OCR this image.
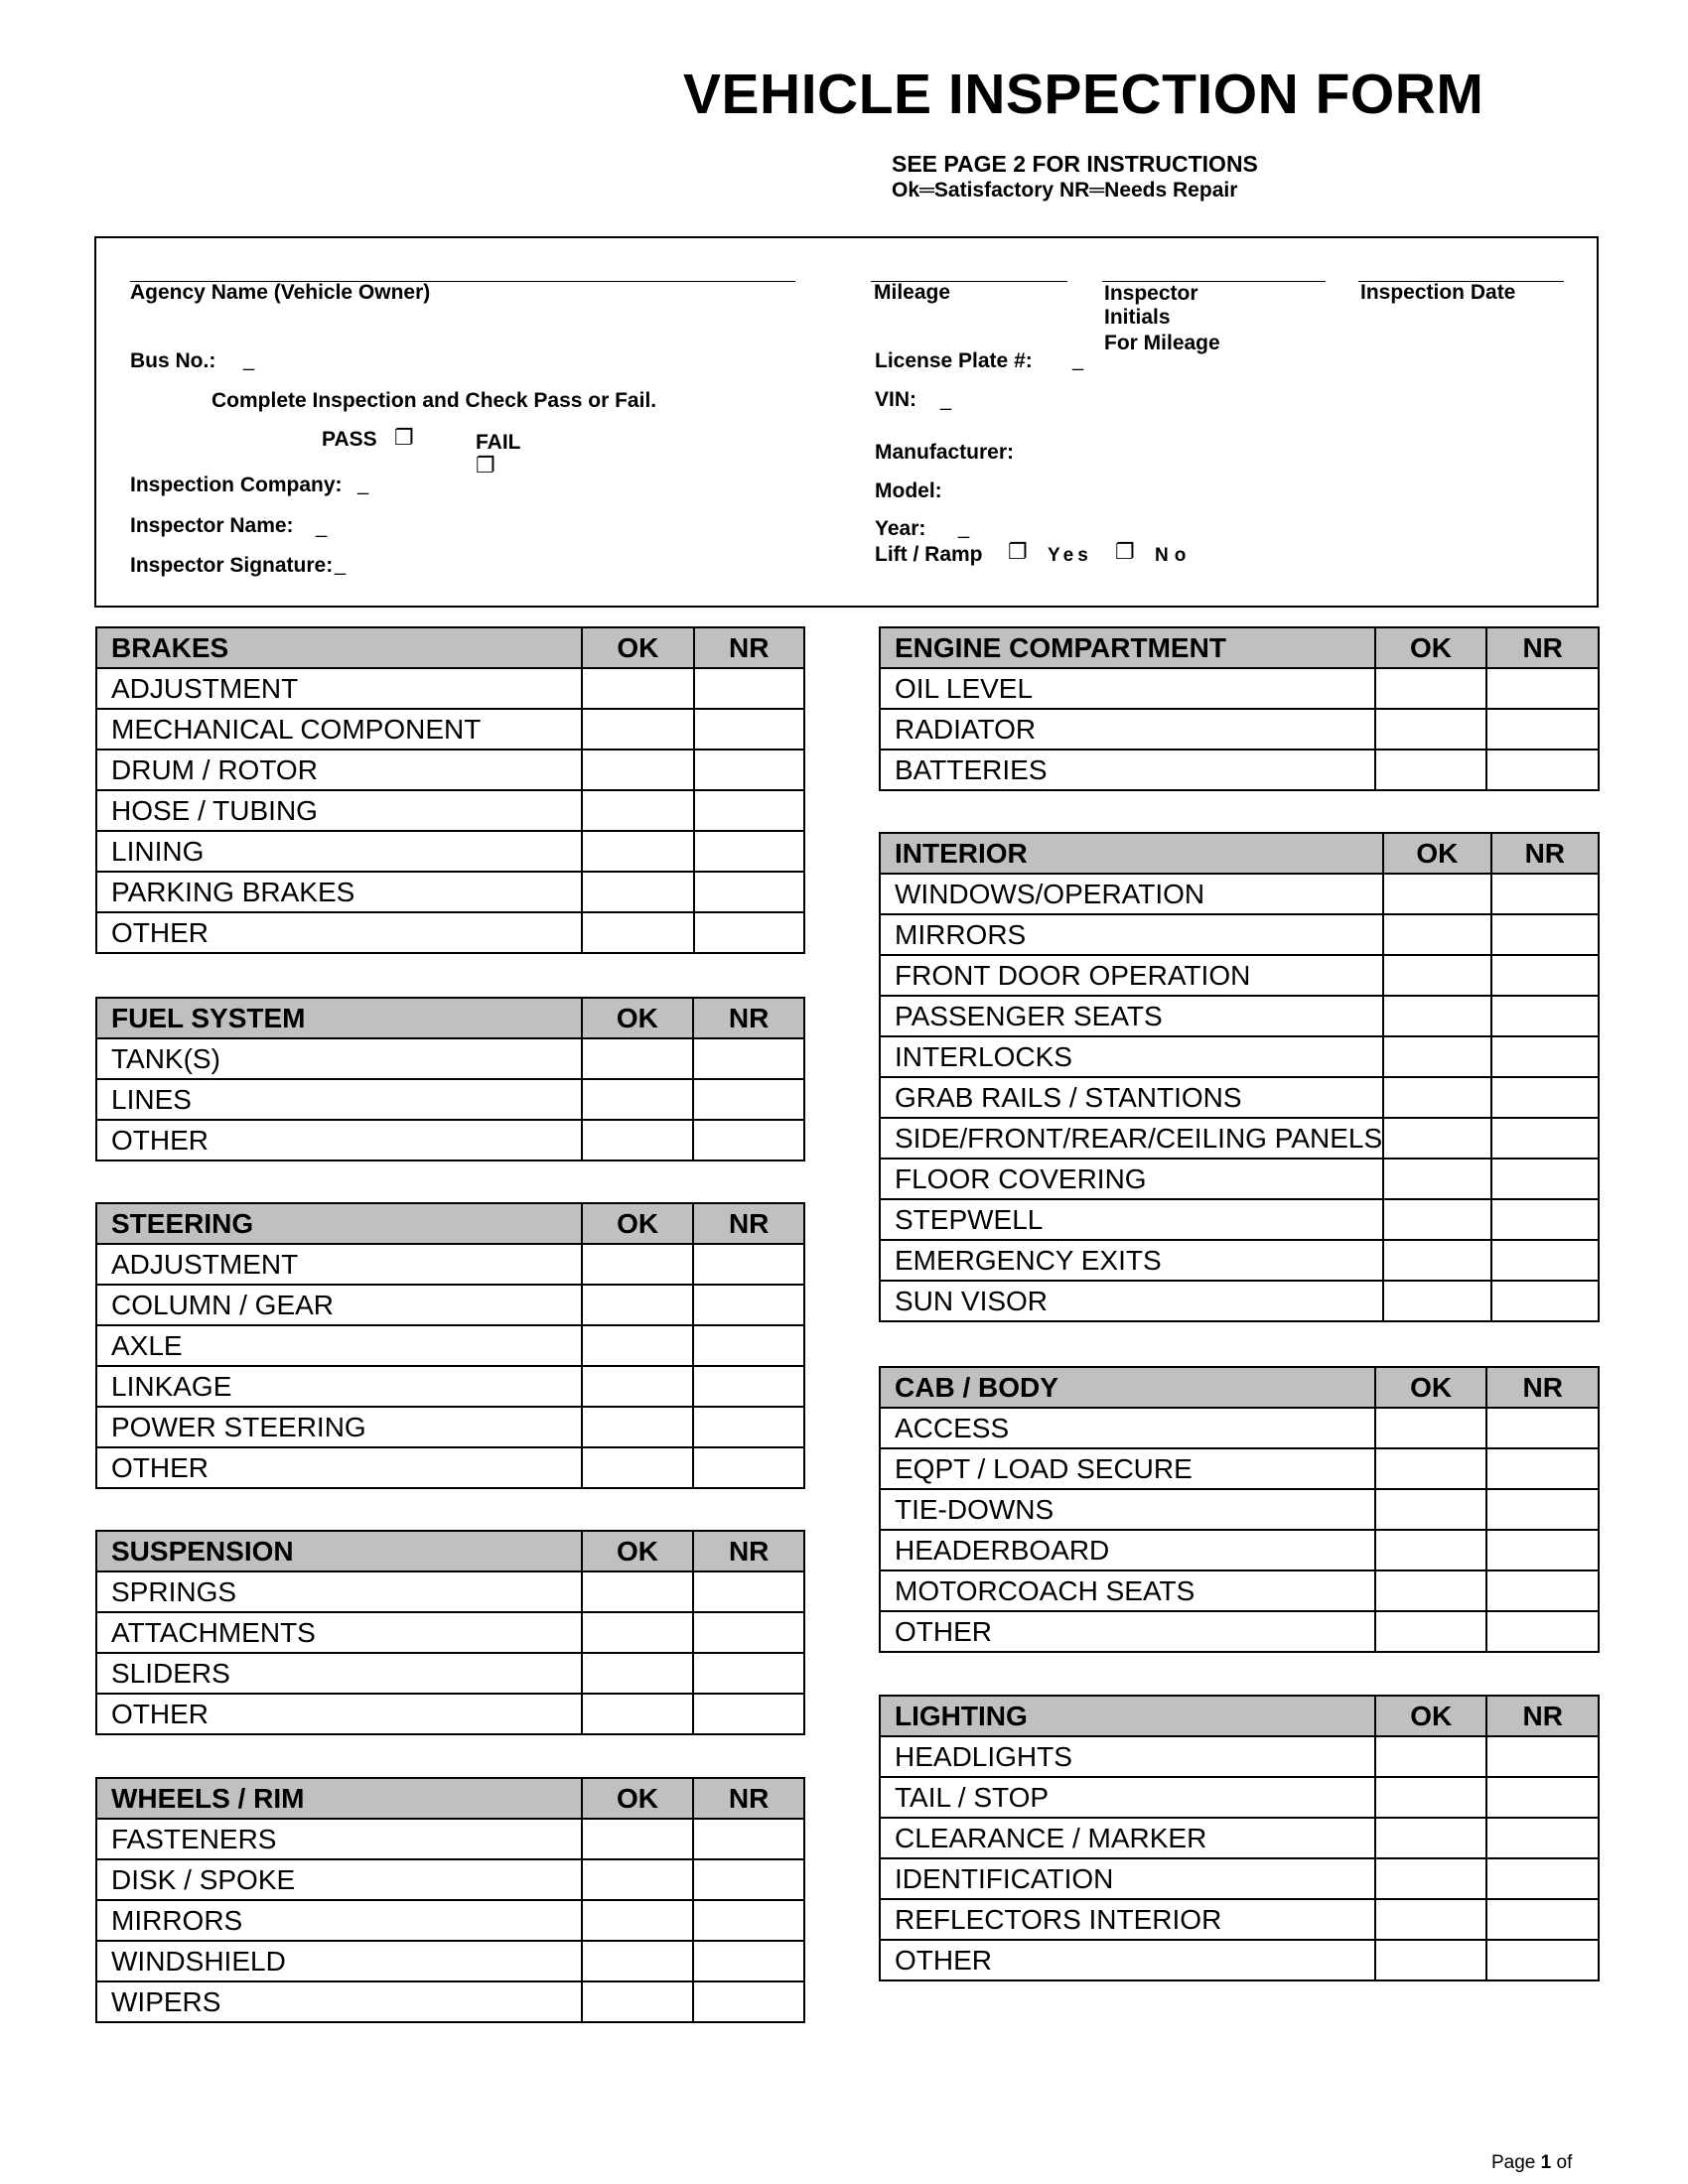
VEHICLE INSPECTION FORM
SEE PAGE 2 FOR INSTRUCTIONS
Ok═Satisfactory NR═Needs Repair
Agency Name (Vehicle Owner)	Mileage	Inspector
Initials
For Mileage
Inspection Date
Bus No.: _	License Plate #: _
Complete Inspection and Check Pass or Fail.	VIN: _
PASS ❐	FAIL
❐
Manufacturer:
Inspection Company: _	Model:
Inspector Name: _	Year: _
Lift / Ramp ❐ Yes ❐ No
Inspector Signature: _
BRAKES	OK	NR
ADJUSTMENT		
MECHANICAL COMPONENT		
DRUM / ROTOR		
HOSE / TUBING		
LINING		
PARKING BRAKES		
OTHER		

FUEL SYSTEM	OK	NR
TANK(S)		
LINES		
OTHER		
STEERING	OK	NR
ADJUSTMENT		
COLUMN / GEAR		
AXLE		
LINKAGE		
POWER STEERING		
OTHER		
SUSPENSION	OK	NR
SPRINGS		
ATTACHMENTS		
SLIDERS		
OTHER		
WHEELS / RIM	OK	NR
FASTENERS		
DISK / SPOKE		
MIRRORS		
WINDSHIELD		
WIPERS		
ENGINE COMPARTMENT	OK	NR
OIL LEVEL		
RADIATOR		
BATTERIES		
INTERIOR	OK	NR
WINDOWS/OPERATION		
MIRRORS		
FRONT DOOR OPERATION		
PASSENGER SEATS		
INTERLOCKS		
GRAB RAILS / STANTIONS		
SIDE/FRONT/REAR/CEILING PANELS		
FLOOR COVERING		
STEPWELL		
EMERGENCY EXITS		
SUN VISOR		
CAB / BODY	OK	NR
ACCESS		
EQPT / LOAD SECURE		
TIE-DOWNS		
HEADERBOARD		
MOTORCOACH SEATS		
OTHER		
LIGHTING	OK	NR
HEADLIGHTS		
TAIL / STOP		
CLEARANCE / MARKER		
IDENTIFICATION		
REFLECTORS INTERIOR		
OTHER		
Page 1 of
